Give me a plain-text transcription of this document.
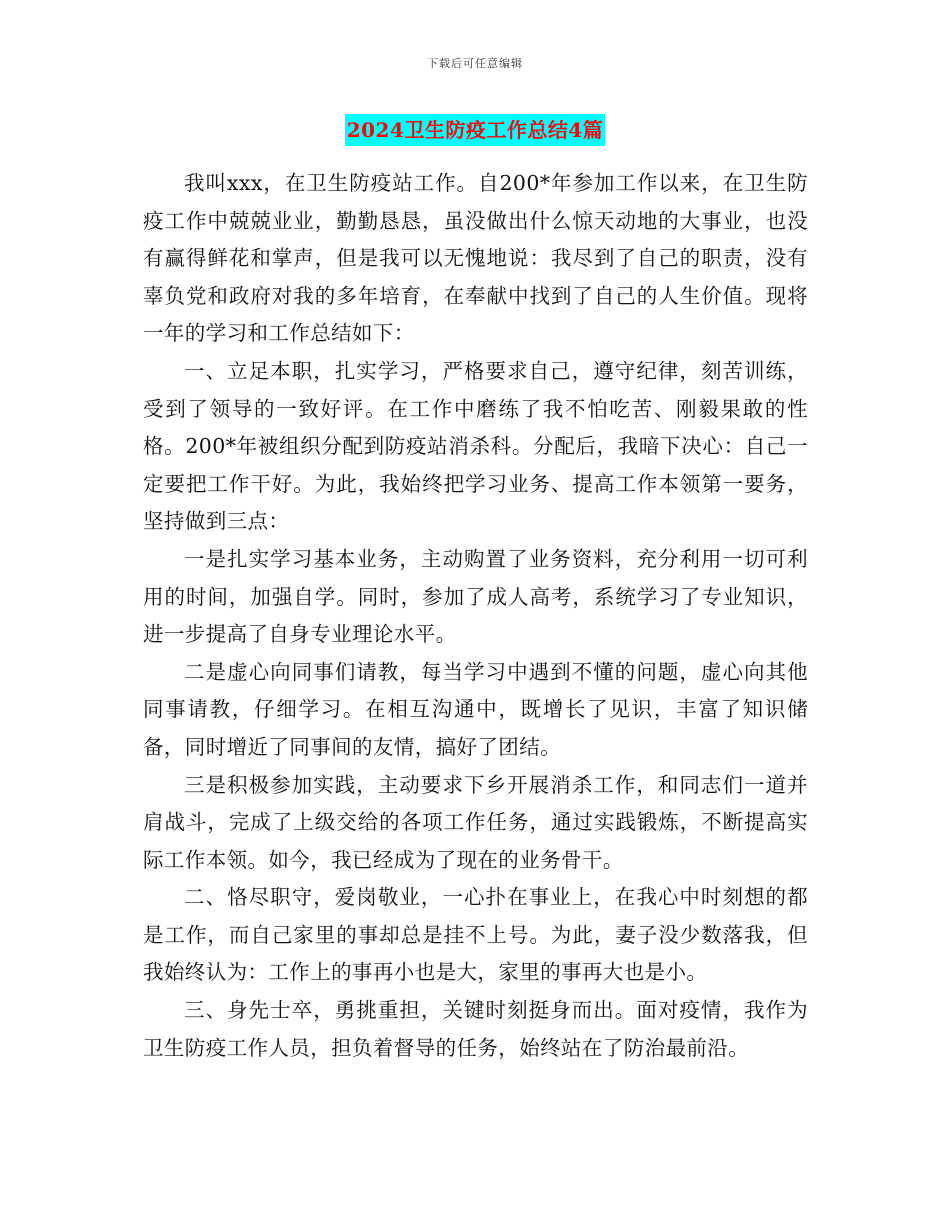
下载后可任意编辑
2024卫生防疫工作总结4篇

我叫xxx，在卫生防疫站工作。自200*年参加工作以来，在卫生防疫工作中兢兢业业，勤勤恳恳，虽没做出什么惊天动地的大事业，也没有赢得鲜花和掌声，但是我可以无愧地说：我尽到了自己的职责，没有辜负党和政府对我的多年培育，在奉献中找到了自己的人生价值。现将一年的学习和工作总结如下：

一、立足本职，扎实学习，严格要求自己，遵守纪律，刻苦训练，受到了领导的一致好评。在工作中磨练了我不怕吃苦、刚毅果敢的性格。200*年被组织分配到防疫站消杀科。分配后，我暗下决心：自己一定要把工作干好。为此，我始终把学习业务、提高工作本领第一要务，坚持做到三点：

一是扎实学习基本业务，主动购置了业务资料，充分利用一切可利用的时间，加强自学。同时，参加了成人高考，系统学习了专业知识，进一步提高了自身专业理论水平。

二是虚心向同事们请教，每当学习中遇到不懂的问题，虚心向其他同事请教，仔细学习。在相互沟通中，既增长了见识，丰富了知识储备，同时增近了同事间的友情，搞好了团结。

三是积极参加实践，主动要求下乡开展消杀工作，和同志们一道并肩战斗，完成了上级交给的各项工作任务，通过实践锻炼，不断提高实际工作本领。如今，我已经成为了现在的业务骨干。

二、恪尽职守，爱岗敬业，一心扑在事业上，在我心中时刻想的都是工作，而自己家里的事却总是挂不上号。为此，妻子没少数落我，但我始终认为：工作上的事再小也是大，家里的事再大也是小。

三、身先士卒，勇挑重担，关键时刻挺身而出。面对疫情，我作为卫生防疫工作人员，担负着督导的任务，始终站在了防治最前沿。
